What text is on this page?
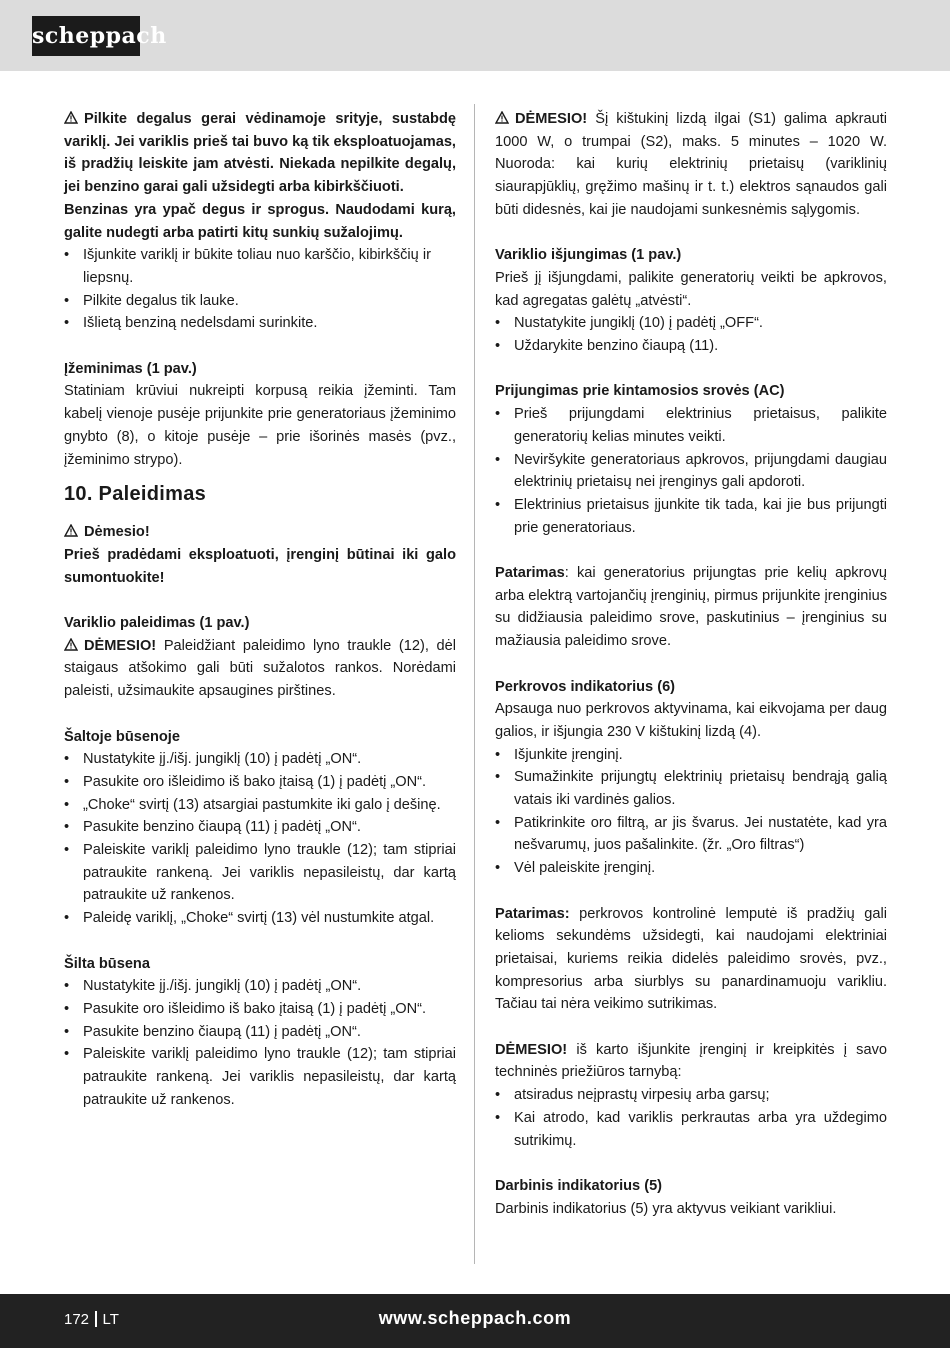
scheppach

Pilkite degalus gerai vėdinamoje srityje, sustabdę variklį. Jei variklis prieš tai buvo ką tik eksploatuojamas, iš pradžių leiskite jam atvėsti. Niekada nepilkite degalų, jei benzino garai gali užsidegti arba kibirkščiuoti.

Benzinas yra ypač degus ir sprogus. Naudodami kurą, galite nudegti arba patirti kitų sunkių sužalojimų.

• Išjunkite variklį ir būkite toliau nuo karščio, kibirkščių ir liepsnų.
• Pilkite degalus tik lauke.
• Išlietą benziną nedelsdami surinkite.

Įžeminimas (1 pav.)

Statiniam krūviui nukreipti korpusą reikia įžeminti. Tam kabelį vienoje pusėje prijunkite prie generatoriaus įžeminimo gnybto (8), o kitoje pusėje – prie išorinės masės (pvz., įžeminimo strypo).

10. Paleidimas

Dėmesio!

Prieš pradėdami eksploatuoti, įrenginį būtinai iki galo sumontuokite!

Variklio paleidimas (1 pav.)

DĖMESIO! Paleidžiant paleidimo lyno traukle (12), dėl staigaus atšokimo gali būti sužalotos rankos. Norėdami paleisti, užsimaukite apsaugines pirštines.

Šaltoje būsenoje

• Nustatykite įj./išj. jungiklį (10) į padėtį „ON“.
• Pasukite oro išleidimo iš bako įtaisą (1) į padėtį „ON“.
• „Choke“ svirtį (13) atsargiai pastumkite iki galo į dešinę.
• Pasukite benzino čiaupą (11) į padėtį „ON“.
• Paleiskite variklį paleidimo lyno traukle (12); tam stipriai patraukite rankeną. Jei variklis nepasileistų, dar kartą patraukite už rankenos.
• Paleidę variklį, „Choke“ svirtį (13) vėl nustumkite atgal.

Šilta būsena

• Nustatykite įj./išj. jungiklį (10) į padėtį „ON“.
• Pasukite oro išleidimo iš bako įtaisą (1) į padėtį „ON“.
• Pasukite benzino čiaupą (11) į padėtį „ON“.
• Paleiskite variklį paleidimo lyno traukle (12); tam stipriai patraukite rankeną. Jei variklis nepasileistų, dar kartą patraukite už rankenos.

DĖMESIO! Šį kištukinį lizdą ilgai (S1) galima apkrauti 1000 W, o trumpai (S2), maks. 5 minutes – 1020 W. Nuoroda: kai kurių elektrinių prietaisų (variklinių siaurapjūklių, gręžimo mašinų ir t. t.) elektros sąnaudos gali būti didesnės, kai jie naudojami sunkesnėmis sąlygomis.

Variklio išjungimas (1 pav.)

Prieš jį išjungdami, palikite generatorių veikti be apkrovos, kad agregatas galėtų „atvėsti“.

• Nustatykite jungiklį (10) į padėtį „OFF“.
• Uždarykite benzino čiaupą (11).

Prijungimas prie kintamosios srovės (AC)

• Prieš prijungdami elektrinius prietaisus, palikite generatorių kelias minutes veikti.
• Neviršykite generatoriaus apkrovos, prijungdami daugiau elektrinių prietaisų nei įrenginys gali apdoroti.
• Elektrinius prietaisus įjunkite tik tada, kai jie bus prijungti prie generatoriaus.

Patarimas: kai generatorius prijungtas prie kelių apkrovų arba elektrą vartojančių įrenginių, pirmus prijunkite įrenginius su didžiausia paleidimo srove, paskutinius – įrenginius su mažiausia paleidimo srove.

Perkrovos indikatorius (6)

Apsauga nuo perkrovos aktyvinama, kai eikvojama per daug galios, ir išjungia 230 V kištukinį lizdą (4).

• Išjunkite įrenginį.
• Sumažinkite prijungtų elektrinių prietaisų bendrąją galią vatais iki vardinės galios.
• Patikrinkite oro filtrą, ar jis švarus. Jei nustatėte, kad yra nešvarumų, juos pašalinkite. (žr. „Oro filtras“)
• Vėl paleiskite įrenginį.

Patarimas: perkrovos kontrolinė lemputė iš pradžių gali kelioms sekundėms užsidegti, kai naudojami elektriniai prietaisai, kuriems reikia didelės paleidimo srovės, pvz., kompresorius arba siurblys su panardinamuoju varikliu. Tačiau tai nėra veikimo sutrikimas.

DĖMESIO! iš karto išjunkite įrenginį ir kreipkitės į savo techninės priežiūros tarnybą:

• atsiradus neįprastų virpesių arba garsų;
• Kai atrodo, kad variklis perkrautas arba yra uždegimo sutrikimų.

Darbinis indikatorius (5)

Darbinis indikatorius (5) yra aktyvus veikiant varikliui.

172 LT	www.scheppach.com
